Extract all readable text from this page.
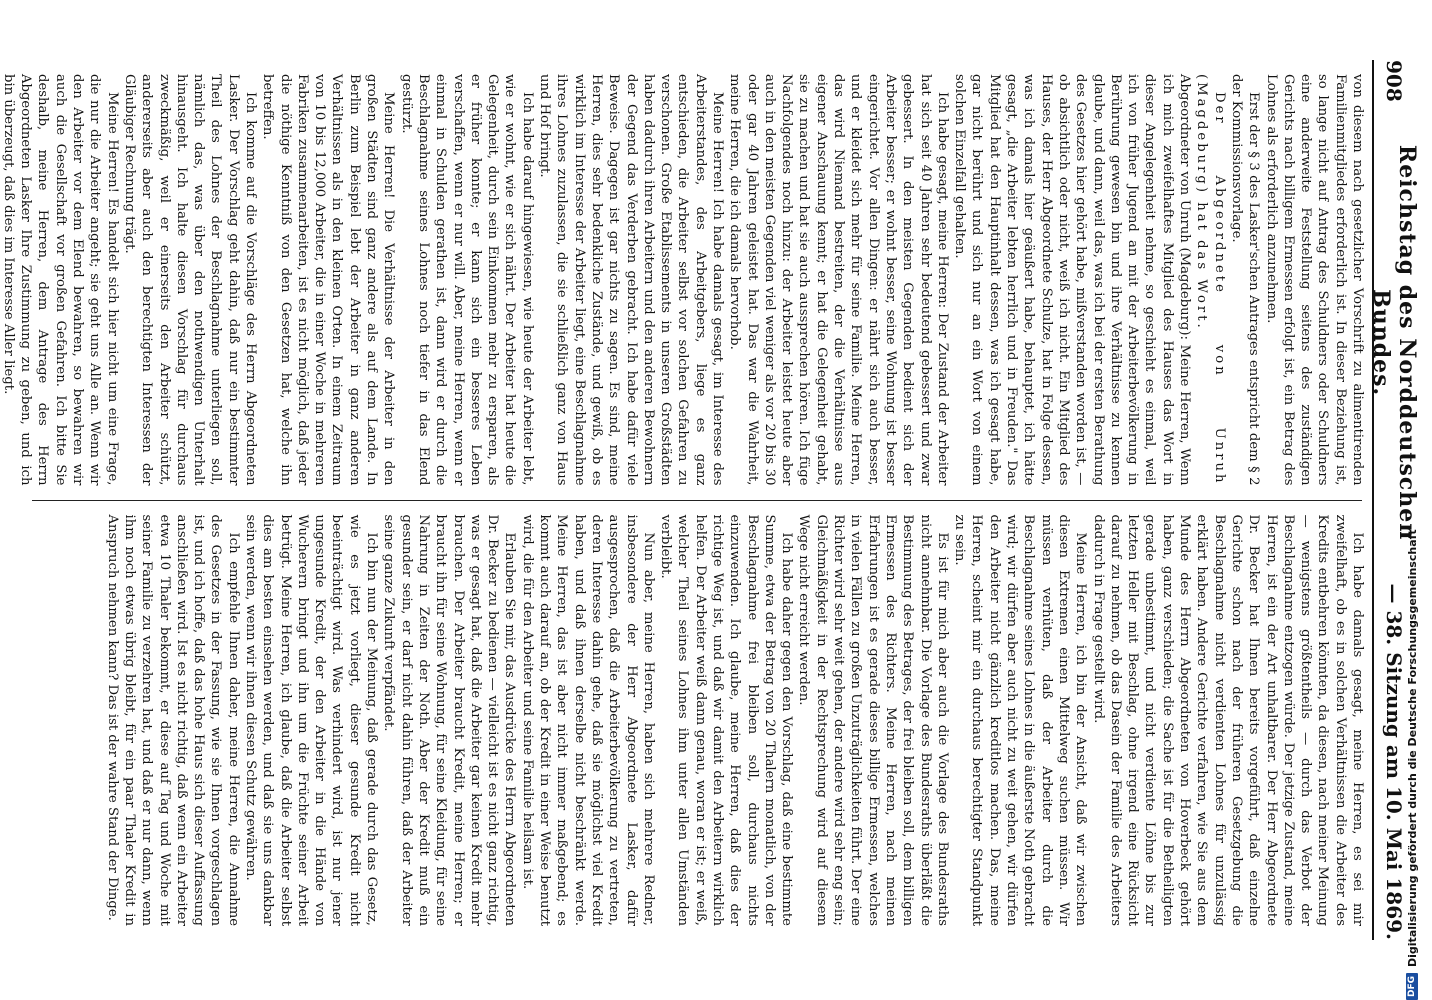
908
Reichstag des Norddeutschen Bundes.
— 38. Sitzung am 10. Mai 1869.

von diesem nach gesetzlicher Vorschrift zu alimentirenden Familienmitgliedes erforderlich ist. In dieser Beziehung ist, so lange nicht auf Antrag des Schuldners oder Schuldners eine anderweite Feststellung seitens des zuständigen Gerichts nach billigem Ermessen erfolgt ist, ein Betrag des Lohnes als erforderlich anzunehmen.

Erst der § 3 des Lasker'schen Antrages entspricht dem § 2 der Kommissionsvorlage.

Der Abgeordnete von Unruh (Magdeburg) hat das Wort.

Abgeordneter von Unruh (Magdeburg): Meine Herren, Wenn ich mich zweifelhaftes Mitglied des Hauses das Wort in dieser Angelegenheit nehme, so geschieht es einmal, weil ich von früher Jugend an mit der Arbeiterbevölkerung in Berührung gewesen bin und ihre Verhältnisse zu kennen glaube, und dann, weil das, was ich bei der ersten Berathung des Gesetzes hier gehört habe, mißverstanden worden ist, — ob absichtlich oder nicht, weiß ich nicht. Ein Mitglied des Hauses, der Herr Abgeordnete Schulze, hat in Folge dessen, was ich damals hier geäußert habe, behauptet, ich hätte gesagt, „die Arbeiter lebten herrlich und in Freuden." Das Mitglied hat den Hauptinhalt dessen, was ich gesagt habe, gar nicht berührt und sich nur an ein Wort von einem solchen Einzelfall gehalten.

Ich habe gesagt, meine Herren: Der Zustand der Arbeiter hat sich seit 40 Jahren sehr bedeutend gebessert und zwar gebessert. In den meisten Gegenden bedient sich der Arbeiter besser; er wohnt besser, seine Wohnung ist besser eingerichtet. Vor allen Dingen: er nährt sich auch besser, und er kleidet sich mehr für seine Familie. Meine Herren, das wird Niemand bestreiten, der die Verhältnisse aus eigener Anschauung kennt; er hat die Gelegenheit gehabt, sie zu machen und hat sie auch aussprechen hören. Ich füge Nachfolgendes noch hinzu: der Arbeiter leistet heute aber auch in den meisten Gegenden viel weniger als vor 20 bis 30 oder gar 40 Jahren geleistet hat. Das war die Wahrheit, meine Herren, die ich damals hervorhob.

Meine Herren! Ich habe damals gesagt, im Interesse des Arbeiterstandes, des Arbeitgebers, liege es ganz entschieden, die Arbeiter selbst vor solchen Gefahren zu verschonen. Große Etablissements in unseren Großstädten haben dadurch ihren Arbeitern und den anderen Bewohnern der Gegend das Verderben gebracht. Ich habe dafür viele Beweise. Dagegen ist gar nichts zu sagen. Es sind, meine Herren, dies sehr bedenkliche Zustände, und gewiß, ob es wirklich im Interesse der Arbeiter liegt, eine Beschlagnahme ihres Lohnes zuzulassen, die sie schließlich ganz von Haus und Hof bringt.

Ich habe darauf hingewiesen, wie heute der Arbeiter lebt, wie er wohnt, wie er sich nährt. Der Arbeiter hat heute die Gelegenheit, durch sein Einkommen mehr zu ersparen, als er früher konnte; er kann sich ein besseres Leben verschaffen, wenn er nur will. Aber, meine Herren, wenn er einmal in Schulden gerathen ist, dann wird er durch die Beschlagnahme seines Lohnes noch tiefer in das Elend gestürzt.

Meine Herren! Die Verhältnisse der Arbeiter in den großen Städten sind ganz andere als auf dem Lande. In Berlin zum Beispiel lebt der Arbeiter in ganz anderen Verhältnissen als in den kleinen Orten. In einem Zeitraum von 10 bis 12,000 Arbeiter, die in einer Woche in mehreren Fabriken zusammenarbeiten, ist es nicht möglich, daß jeder die nöthige Kenntniß von den Gesetzen hat, welche ihn betreffen.

Ich komme auf die Vorschläge des Herrn Abgeordneten Lasker. Der Vorschlag geht dahin, daß nur ein bestimmter Theil des Lohnes der Beschlagnahme unterliegen soll, nämlich das, was über den nothwendigen Unterhalt hinausgeht. Ich halte diesen Vorschlag für durchaus zweckmäßig, weil er einerseits den Arbeiter schützt, andererseits aber auch den berechtigten Interessen der Gläubiger Rechnung trägt.

Meine Herren! Es handelt sich hier nicht um eine Frage, die nur die Arbeiter angeht; sie geht uns Alle an. Wenn wir den Arbeiter vor dem Elend bewahren, so bewahren wir auch die Gesellschaft vor großen Gefahren. Ich bitte Sie deshalb, meine Herren, dem Antrage des Herrn Abgeordneten Lasker Ihre Zustimmung zu geben, und ich bin überzeugt, daß dies im Interesse Aller liegt.

Ich habe damals gesagt, meine Herren, es sei mir zweifelhaft, ob es in solchen Verhältnissen die Arbeiter des Kredits entbehren könnten, da diesen, nach meiner Meinung — wenigstens größtentheils — durch das Verbot der Beschlagnahme entzogen würde. Der jetzige Zustand, meine Herren, ist ein der Art unhaltbarer. Der Herr Abgeordnete Dr. Becker hat Ihnen bereits vorgeführt, daß einzelne Gerichte schon nach der früheren Gesetzgebung die Beschlagnahme nicht verdienten Lohnes für unzulässig erklärt haben. Andere Gerichte verfahren, wie Sie aus dem Munde des Herrn Abgeordneten von Hoverbeck gehört haben, ganz verschieden; die Sache ist für die Betheiligten gerade unbestimmt, und nicht verdiente Löhne bis zur letzten Heller mit Beschlag, ohne irgend eine Rücksicht darauf zu nehmen, ob das Dasein der Familie des Arbeiters dadurch in Frage gestellt wird.

Meine Herren, ich bin der Ansicht, daß wir zwischen diesen Extremen einen Mittelweg suchen müssen. Wir müssen verhüten, daß der Arbeiter durch die Beschlagnahme seines Lohnes in die äußerste Noth gebracht wird; wir dürfen aber auch nicht zu weit gehen, wir dürfen den Arbeiter nicht gänzlich kreditlos machen. Das, meine Herren, scheint mir ein durchaus berechtigter Standpunkt zu sein.

Es ist für mich aber auch die Vorlage des Bundesraths nicht annehmbar. Die Vorlage des Bundesraths überläßt die Bestimmung des Betrages, der frei bleiben soll, dem billigen Ermessen des Richters. Meine Herren, nach meinen Erfahrungen ist es gerade dieses billige Ermessen, welches in vielen Fällen zu großen Unzuträglichkeiten führt. Der eine Richter wird sehr weit gehen, der andere wird sehr eng sein; Gleichmäßigkeit in der Rechtsprechung wird auf diesem Wege nicht erreicht werden.

Ich habe daher gegen den Vorschlag, daß eine bestimmte Summe, etwa der Betrag von 20 Thalern monatlich, von der Beschlagnahme frei bleiben soll, durchaus nichts einzuwenden. Ich glaube, meine Herren, daß dies der richtige Weg ist, und daß wir damit den Arbeitern wirklich helfen. Der Arbeiter weiß dann genau, woran er ist; er weiß, welcher Theil seines Lohnes ihm unter allen Umständen verbleibt.

Nun aber, meine Herren, haben sich mehrere Redner, insbesondere der Herr Abgeordnete Lasker, dafür ausgesprochen, daß die Arbeiterbevölkerung zu vertreten, deren Interesse dahin gehe, daß sie möglichst viel Kredit haben, und daß ihnen derselbe nicht beschränkt werde. Meine Herren, das ist aber nicht immer maßgebend; es kommt auch darauf an, ob der Kredit in einer Weise benutzt wird, die für den Arbeiter und seine Familie heilsam ist.

Erlauben Sie mir, das Ausdrücke des Herrn Abgeordneten Dr. Becker zu bedienen — vielleicht ist es nicht ganz richtig, was er gesagt hat, daß die Arbeiter gar keinen Kredit mehr brauchen. Der Arbeiter braucht Kredit, meine Herren; er braucht ihn für seine Wohnung, für seine Kleidung, für seine Nahrung in Zeiten der Noth. Aber der Kredit muß ein gesunder sein, er darf nicht dahin führen, daß der Arbeiter seine ganze Zukunft verpfändet.

Ich bin nun der Meinung, daß gerade durch das Gesetz, wie es jetzt vorliegt, dieser gesunde Kredit nicht beeinträchtigt wird. Was verhindert wird, ist nur jener ungesunde Kredit, der den Arbeiter in die Hände von Wucherern bringt und ihn um die Früchte seiner Arbeit betrügt. Meine Herren, ich glaube, daß die Arbeiter selbst dies am besten einsehen werden, und daß sie uns dankbar sein werden, wenn wir ihnen diesen Schutz gewähren.

Ich empfehle Ihnen daher, meine Herren, die Annahme des Gesetzes in der Fassung, wie sie Ihnen vorgeschlagen ist, und ich hoffe, daß das hohe Haus sich dieser Auffassung anschließen wird. Ist es nicht richtig, daß wenn ein Arbeiter etwa 10 Thaler bekommt, er diese auf Tag und Woche mit seiner Familie zu verzehren hat, und daß er nur dann, wenn ihm noch etwas übrig bleibt, für ein paar Thaler Kredit in Anspruch nehmen kann? Das ist der wahre Stand der Dinge.

DFG
Digitalisierung gefördert durch die Deutsche Forschungsgemeinschaft
